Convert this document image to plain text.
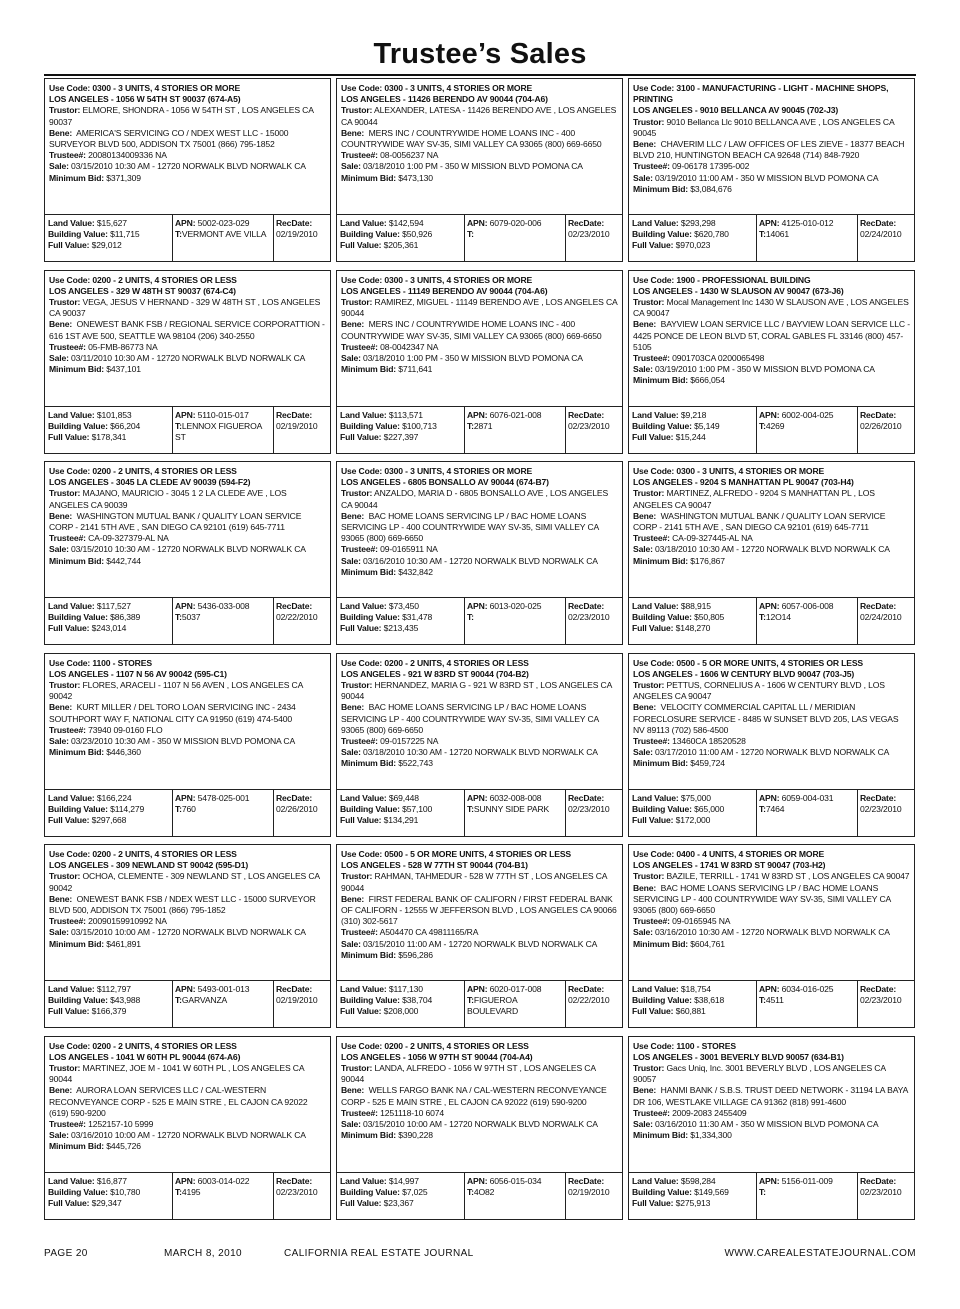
Trustee’s Sales
Use Code: 0300 - 3 UNITS, 4 STORIES OR MORE
LOS ANGELES - 1056 W 54TH ST 90037 (674-A5)
Trustor: ELMORE, SHONDRA - 1056 W 54TH ST , LOS ANGELES CA 90037
Bene: AMERICA'S SERVICING CO / NDEX WEST LLC - 15000 SURVEYOR BLVD 500, ADDISON TX 75001 (866) 795-1852
Trustee#: 20080134009336 NA
Sale: 03/15/2010 10:30 AM - 12720 NORWALK BLVD NORWALK CA
Minimum Bid: $371,309
Land Value: $15,627
Building Value: $11,715
Full Value: $29,012
APN: 5002-023-029
T:VERMONT AVE VILLA
RecDate:
02/19/2010
Use Code: 0300 - 3 UNITS, 4 STORIES OR MORE
LOS ANGELES - 11426 BERENDO AV 90044 (704-A6)
Trustor: ALEXANDER, LATESA - 11426 BERENDO AVE , LOS ANGELES CA 90044
Bene: MERS INC / COUNTRYWIDE HOME LOANS INC - 400 COUNTRYWIDE WAY SV-35, SIMI VALLEY CA 93065 (800) 669-6650
Trustee#: 08-0056237 NA
Sale: 03/18/2010 1:00 PM - 350 W MISSION BLVD POMONA CA
Minimum Bid: $473,130
Land Value: $142,594
Building Value: $50,926
Full Value: $205,361
APN: 6079-020-006
T:
RecDate:
02/23/2010
Use Code: 3100 - MANUFACTURING - LIGHT - MACHINE SHOPS, PRINTING
LOS ANGELES - 9010 BELLANCA AV 90045 (702-J3)
Trustor: 9010 Bellanca Llc 9010 BELLANCA AVE , LOS ANGELES CA 90045
Bene: CHAVERIM LLC / LAW OFFICES OF LES ZIEVE - 18377 BEACH BLVD 210, HUNTINGTON BEACH CA 92648 (714) 848-7920
Trustee#: 09-06178 17395-002
Sale: 03/19/2010 11:00 AM - 350 W MISSION BLVD POMONA CA
Minimum Bid: $3,084,676
Land Value: $293,298
Building Value: $620,780
Full Value: $970,023
APN: 4125-010-012
T:14061
RecDate:
02/24/2010
Use Code: 0200 - 2 UNITS, 4 STORIES OR LESS
LOS ANGELES - 329 W 48TH ST 90037 (674-C4)
Trustor: VEGA, JESUS V HERNAND - 329 W 48TH ST , LOS ANGELES CA 90037
Bene: ONEWEST BANK FSB / REGIONAL SERVICE CORPORATTION - 616 1ST AVE 500, SEATTLE WA 98104 (206) 340-2550
Trustee#: 05-FMB-86773 NA
Sale: 03/11/2010 10:30 AM - 12720 NORWALK BLVD NORWALK CA
Minimum Bid: $437,101
Land Value: $101,853
Building Value: $66,204
Full Value: $178,341
APN: 5110-015-017
T:LENNOX FIGUEROA ST
RecDate:
02/19/2010
Use Code: 0300 - 3 UNITS, 4 STORIES OR MORE
LOS ANGELES - 11149 BERENDO AV 90044 (704-A6)
Trustor: RAMIREZ, MIGUEL - 11149 BERENDO AVE , LOS ANGELES CA 90044
Bene: MERS INC / COUNTRYWIDE HOME LOANS INC - 400 COUNTRYWIDE WAY SV-35, SIMI VALLEY CA 93065 (800) 669-6650
Trustee#: 08-0042347 NA
Sale: 03/18/2010 1:00 PM - 350 W MISSION BLVD POMONA CA
Minimum Bid: $711,641
Land Value: $113,571
Building Value: $100,713
Full Value: $227,397
APN: 6076-021-008
T:2871
RecDate:
02/23/2010
Use Code: 1900 - PROFESSIONAL BUILDING
LOS ANGELES - 1430 W SLAUSON AV 90047 (673-J6)
Trustor: Mocal Management Inc 1430 W SLAUSON AVE , LOS ANGELES CA 90047
Bene: BAYVIEW LOAN SERVICE LLC / BAYVIEW LOAN SERVICE LLC - 4425 PONCE DE LEON BLVD 5T, CORAL GABLES FL 33146 (800) 457-5105
Trustee#: 0901703CA 0200065498
Sale: 03/19/2010 1:00 PM - 350 W MISSION BLVD POMONA CA
Minimum Bid: $666,054
Land Value: $9,218
Building Value: $5,149
Full Value: $15,244
APN: 6002-004-025
T:4269
RecDate:
02/26/2010
Use Code: 0200 - 2 UNITS, 4 STORIES OR LESS
LOS ANGELES - 3045 LA CLEDE AV 90039 (594-F2)
Trustor: MAJANO, MAURICIO - 3045 1 2 LA CLEDE AVE , LOS ANGELES CA 90039
Bene: WASHINGTON MUTUAL BANK / QUALITY LOAN SERVICE CORP - 2141 5TH AVE , SAN DIEGO CA 92101 (619) 645-7711
Trustee#: CA-09-327379-AL NA
Sale: 03/15/2010 10:30 AM - 12720 NORWALK BLVD NORWALK CA
Minimum Bid: $442,744
Land Value: $117,527
Building Value: $86,389
Full Value: $243,014
APN: 5436-033-008
T:5037
RecDate:
02/22/2010
Use Code: 0300 - 3 UNITS, 4 STORIES OR MORE
LOS ANGELES - 6805 BONSALLO AV 90044 (674-B7)
Trustor: ANZALDO, MARIA D - 6805 BONSALLO AVE , LOS ANGELES CA 90044
Bene: BAC HOME LOANS SERVICING LP / BAC HOME LOANS SERVICING LP - 400 COUNTRYWIDE WAY SV-35, SIMI VALLEY CA 93065 (800) 669-6650
Trustee#: 09-0165911 NA
Sale: 03/16/2010 10:30 AM - 12720 NORWALK BLVD NORWALK CA
Minimum Bid: $432,842
Land Value: $73,450
Building Value: $31,478
Full Value: $213,435
APN: 6013-020-025
T:
RecDate:
02/23/2010
Use Code: 0300 - 3 UNITS, 4 STORIES OR MORE
LOS ANGELES - 9204 S MANHATTAN PL 90047 (703-H4)
Trustor: MARTINEZ, ALFREDO - 9204 S MANHATTAN PL , LOS ANGELES CA 90047
Bene: WASHINGTON MUTUAL BANK / QUALITY LOAN SERVICE CORP - 2141 5TH AVE , SAN DIEGO CA 92101 (619) 645-7711
Trustee#: CA-09-327445-AL NA
Sale: 03/18/2010 10:30 AM - 12720 NORWALK BLVD NORWALK CA
Minimum Bid: $176,867
Land Value: $88,915
Building Value: $50,805
Full Value: $148,270
APN: 6057-006-008
T:12O14
RecDate:
02/24/2010
Use Code: 1100 - STORES
LOS ANGELES - 1107 N 56 AV 90042 (595-C1)
Trustor: FLORES, ARACELI - 1107 N 56 AVEN , LOS ANGELES CA 90042
Bene: KURT MILLER / DEL TORO LOAN SERVICING INC - 2434 SOUTHPORT WAY F, NATIONAL CITY CA 91950 (619) 474-5400
Trustee#: 73940 09-0160 FLO
Sale: 03/23/2010 10:30 AM - 350 W MISSION BLVD POMONA CA
Minimum Bid: $446,360
Land Value: $166,224
Building Value: $114,279
Full Value: $297,668
APN: 5478-025-001
T:760
RecDate:
02/26/2010
Use Code: 0200 - 2 UNITS, 4 STORIES OR LESS
LOS ANGELES - 921 W 83RD ST 90044 (704-B2)
Trustor: HERNANDEZ, MARIA G - 921 W 83RD ST , LOS ANGELES CA 90044
Bene: BAC HOME LOANS SERVICING LP / BAC HOME LOANS SERVICING LP - 400 COUNTRYWIDE WAY SV-35, SIMI VALLEY CA 93065 (800) 669-6650
Trustee#: 09-0157225 NA
Sale: 03/18/2010 10:30 AM - 12720 NORWALK BLVD NORWALK CA
Minimum Bid: $522,743
Land Value: $69,448
Building Value: $57,100
Full Value: $134,291
APN: 6032-008-008
T:SUNNY SIDE PARK
RecDate:
02/23/2010
Use Code: 0500 - 5 OR MORE UNITS, 4 STORIES OR LESS
LOS ANGELES - 1606 W CENTURY BLVD 90047 (703-J5)
Trustor: PETTUS, CORNELIUS A - 1606 W CENTURY BLVD , LOS ANGELES CA 90047
Bene: VELOCITY COMMERCIAL CAPITAL LL / MERIDIAN FORECLOSURE SERVICE - 8485 W SUNSET BLVD 205, LAS VEGAS NV 89113 (702) 586-4500
Trustee#: 13460CA 18520528
Sale: 03/17/2010 11:00 AM - 12720 NORWALK BLVD NORWALK CA
Minimum Bid: $459,724
Land Value: $75,000
Building Value: $65,000
Full Value: $172,000
APN: 6059-004-031
T:7464
RecDate:
02/23/2010
Use Code: 0200 - 2 UNITS, 4 STORIES OR LESS
LOS ANGELES - 309 NEWLAND ST 90042 (595-D1)
Trustor: OCHOA, CLEMENTE - 309 NEWLAND ST , LOS ANGELES CA 90042
Bene: ONEWEST BANK FSB / NDEX WEST LLC - 15000 SURVEYOR BLVD 500, ADDISON TX 75001 (866) 795-1852
Trustee#: 20090159910992 NA
Sale: 03/15/2010 10:00 AM - 12720 NORWALK BLVD NORWALK CA
Minimum Bid: $461,891
Land Value: $112,797
Building Value: $43,988
Full Value: $166,379
APN: 5493-001-013
T:GARVANZA
RecDate:
02/19/2010
Use Code: 0500 - 5 OR MORE UNITS, 4 STORIES OR LESS
LOS ANGELES - 528 W 77TH ST 90044 (704-B1)
Trustor: RAHMAN, TAHMEDUR - 528 W 77TH ST , LOS ANGELES CA 90044
Bene: FIRST FEDERAL BANK OF CALIFORN / FIRST FEDERAL BANK OF CALIFORN - 12555 W JEFFERSON BLVD , LOS ANGELES CA 90066 (310) 302-5617
Trustee#: A504470 CA 49811165/RA
Sale: 03/15/2010 11:00 AM - 12720 NORWALK BLVD NORWALK CA
Minimum Bid: $596,286
Land Value: $117,130
Building Value: $38,704
Full Value: $208,000
APN: 6020-017-008
T:FIGUEROA BOULEVARD
RecDate:
02/22/2010
Use Code: 0400 - 4 UNITS, 4 STORIES OR MORE
LOS ANGELES - 1741 W 83RD ST 90047 (703-H2)
Trustor: BAZILE, TERRILL - 1741 W 83RD ST , LOS ANGELES CA 90047
Bene: BAC HOME LOANS SERVICING LP / BAC HOME LOANS SERVICING LP - 400 COUNTRYWIDE WAY SV-35, SIMI VALLEY CA 93065 (800) 669-6650
Trustee#: 09-0165945 NA
Sale: 03/16/2010 10:30 AM - 12720 NORWALK BLVD NORWALK CA
Minimum Bid: $604,761
Land Value: $18,754
Building Value: $38,618
Full Value: $60,881
APN: 6034-016-025
T:4511
RecDate:
02/23/2010
Use Code: 0200 - 2 UNITS, 4 STORIES OR LESS
LOS ANGELES - 1041 W 60TH PL 90044 (674-A6)
Trustor: MARTINEZ, JOE M - 1041 W 60TH PL , LOS ANGELES CA 90044
Bene: AURORA LOAN SERVICES LLC / CAL-WESTERN RECONVEYANCE CORP - 525 E MAIN STRE , EL CAJON CA 92022 (619) 590-9200
Trustee#: 1252157-10 5999
Sale: 03/16/2010 10:00 AM - 12720 NORWALK BLVD NORWALK CA
Minimum Bid: $445,726
Land Value: $16,877
Building Value: $10,780
Full Value: $29,347
APN: 6003-014-022
T:4195
RecDate:
02/23/2010
Use Code: 0200 - 2 UNITS, 4 STORIES OR LESS
LOS ANGELES - 1056 W 97TH ST 90044 (704-A4)
Trustor: LANDA, ALFREDO - 1056 W 97TH ST , LOS ANGELES CA 90044
Bene: WELLS FARGO BANK NA / CAL-WESTERN RECONVEYANCE CORP - 525 E MAIN STRE , EL CAJON CA 92022 (619) 590-9200
Trustee#: 1251118-10 6074
Sale: 03/15/2010 10:00 AM - 12720 NORWALK BLVD NORWALK CA
Minimum Bid: $390,228
Land Value: $14,997
Building Value: $7,025
Full Value: $23,367
APN: 6056-015-034
T:4O82
RecDate:
02/19/2010
Use Code: 1100 - STORES
LOS ANGELES - 3001 BEVERLY BLVD 90057 (634-B1)
Trustor: Gacs Uniq, Inc. 3001 BEVERLY BLVD , LOS ANGELES CA 90057
Bene: HANMI BANK / S.B.S. TRUST DEED NETWORK - 31194 LA BAYA DR 106, WESTLAKE VILLAGE CA 91362 (818) 991-4600
Trustee#: 2009-2083 2455409
Sale: 03/16/2010 11:30 AM - 350 W MISSION BLVD POMONA CA
Minimum Bid: $1,334,300
Land Value: $598,284
Building Value: $149,569
Full Value: $275,913
APN: 5156-011-009
T:
RecDate:
02/23/2010
PAGE 20	MARCH 8, 2010	CALIFORNIA REAL ESTATE JOURNAL	WWW.CAREALESTATEJOURNAL.COM
